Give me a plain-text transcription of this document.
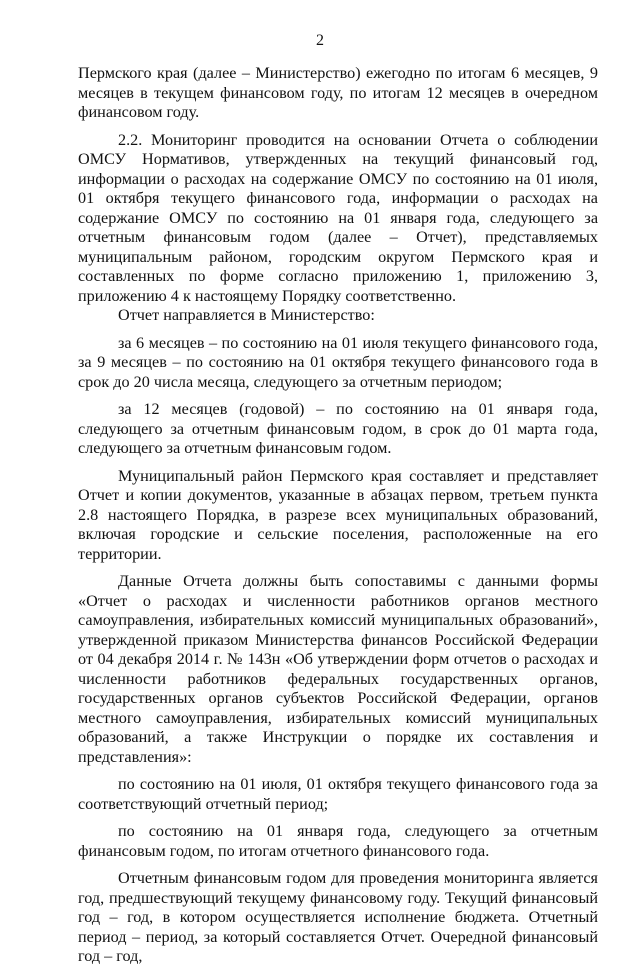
2

Пермского края (далее – Министерство) ежегодно по итогам 6 месяцев, 9 месяцев в текущем финансовом году, по итогам 12 месяцев в очередном финансовом году.

2.2. Мониторинг проводится на основании Отчета о соблюдении ОМСУ Нормативов, утвержденных на текущий финансовый год, информации о расходах на содержание ОМСУ по состоянию на 01 июля, 01 октября текущего финансового года, информации о расходах на содержание ОМСУ по состоянию на 01 января года, следующего за отчетным финансовым годом (далее – Отчет), представляемых муниципальным районом, городским округом Пермского края и составленных по форме согласно приложению 1, приложению 3, приложению 4 к настоящему Порядку соответственно.

Отчет направляется в Министерство:

за 6 месяцев – по состоянию на 01 июля текущего финансового года, за 9 месяцев – по состоянию на 01 октября текущего финансового года в срок до 20 числа месяца, следующего за отчетным периодом;

за 12 месяцев (годовой) – по состоянию на 01 января года, следующего за отчетным финансовым годом, в срок до 01 марта года, следующего за отчетным финансовым годом.

Муниципальный район Пермского края составляет и представляет Отчет и копии документов, указанные в абзацах первом, третьем пункта 2.8 настоящего Порядка, в разрезе всех муниципальных образований, включая городские и сельские поселения, расположенные на его территории.

Данные Отчета должны быть сопоставимы с данными формы «Отчет о расходах и численности работников органов местного самоуправления, избирательных комиссий муниципальных образований», утвержденной приказом Министерства финансов Российской Федерации от 04 декабря 2014 г. № 143н «Об утверждении форм отчетов о расходах и численности работников федеральных государственных органов, государственных органов субъектов Российской Федерации, органов местного самоуправления, избирательных комиссий муниципальных образований, а также Инструкции о порядке их составления и представления»:

по состоянию на 01 июля, 01 октября текущего финансового года за соответствующий отчетный период;

по состоянию на 01 января года, следующего за отчетным финансовым годом, по итогам отчетного финансового года.

Отчетным финансовым годом для проведения мониторинга является год, предшествующий текущему финансовому году. Текущий финансовый год – год, в котором осуществляется исполнение бюджета. Отчетный период – период, за который составляется Отчет. Очередной финансовый год – год,
